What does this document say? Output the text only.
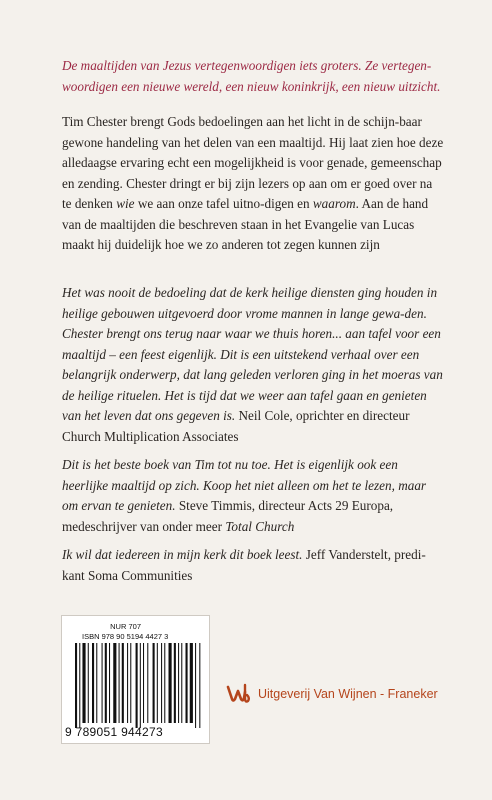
De maaltijden van Jezus vertegenwoordigen iets groters. Ze vertegen-woordigen een nieuwe wereld, een nieuw koninkrijk, een nieuw uitzicht.

Tim Chester brengt Gods bedoelingen aan het licht in de schijn-baar gewone handeling van het delen van een maaltijd. Hij laat zien hoe deze alledaagse ervaring echt een mogelijkheid is voor genade, gemeenschap en zending. Chester dringt er bij zijn lezers op aan om er goed over na te denken wie we aan onze tafel uitno-digen en waarom. Aan de hand van de maaltijden die beschreven staan in het Evangelie van Lucas maakt hij duidelijk hoe we zo anderen tot zegen kunnen zijn

Het was nooit de bedoeling dat de kerk heilige diensten ging houden in heilige gebouwen uitgevoerd door vrome mannen in lange gewa-den. Chester brengt ons terug naar waar we thuis horen... aan tafel voor een maaltijd – een feest eigenlijk. Dit is een uitstekend verhaal over een belangrijk onderwerp, dat lang geleden verloren ging in het moeras van de heilige rituelen. Het is tijd dat we weer aan tafel gaan en genieten van het leven dat ons gegeven is. Neil Cole, oprichter en directeur Church Multiplication Associates

Dit is het beste boek van Tim tot nu toe. Het is eigenlijk ook een heerlijke maaltijd op zich. Koop het niet alleen om het te lezen, maar om ervan te genieten. Steve Timmis, directeur Acts 29 Europa, medeschrijver van onder meer Total Church

Ik wil dat iedereen in mijn kerk dit boek leest. Jeff Vanderstelt, predi-kant Soma Communities

NUR 707
ISBN 978 90 5194 4427 3
9 789051 944273
Uitgeverij Van Wijnen - Franeker
